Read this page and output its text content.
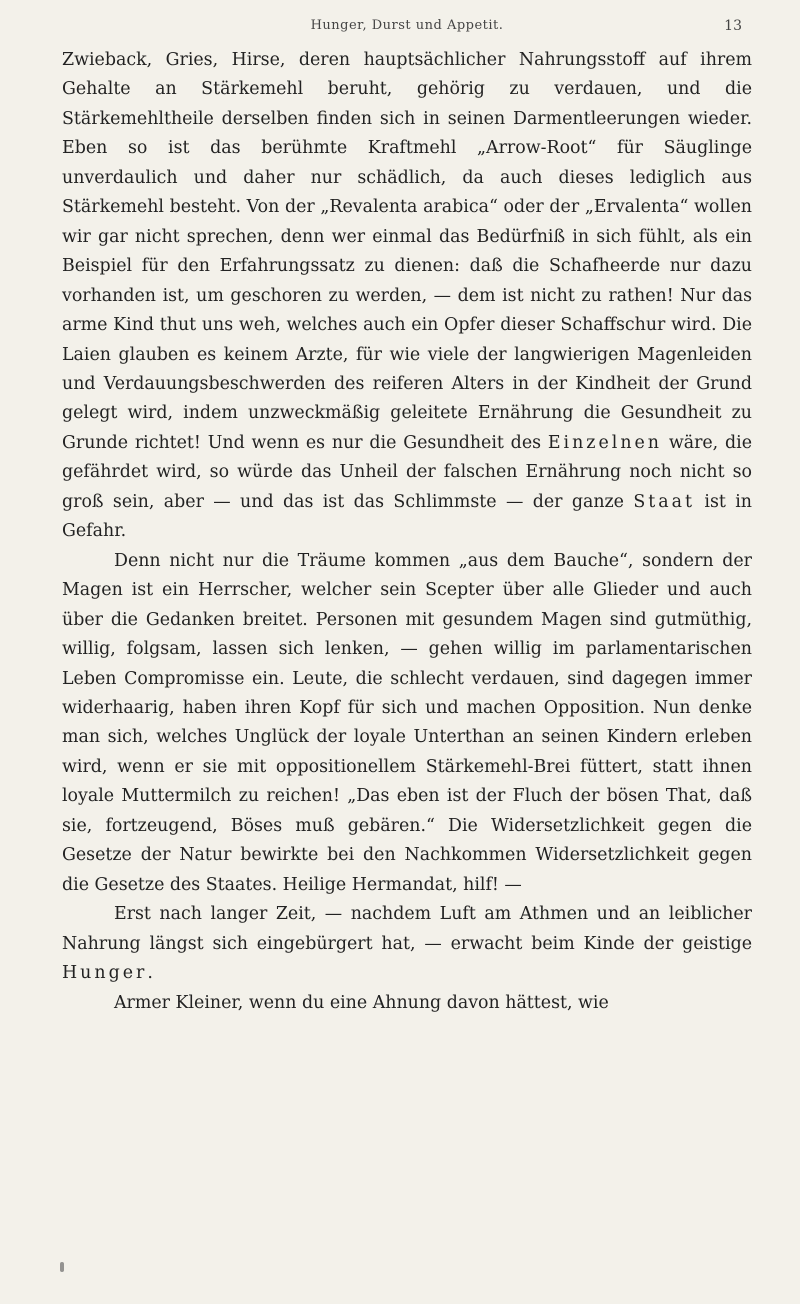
Hunger, Durst und Appetit.	13

Zwieback, Gries, Hirse, deren hauptsächlicher Nahrungsstoff auf ihrem Gehalte an Stärkemehl beruht, gehörig zu verdauen, und die Stärkemehltheile derselben finden sich in seinen Darmentleerungen wieder. Eben so ist das berühmte Kraftmehl „Arrow-Root“ für Säuglinge unverdaulich und daher nur schädlich, da auch dieses lediglich aus Stärkemehl besteht. Von der „Revalenta arabica“ oder der „Ervalenta“ wollen wir gar nicht sprechen, denn wer einmal das Bedürfniß in sich fühlt, als ein Beispiel für den Erfahrungssatz zu dienen: daß die Schafheerde nur dazu vorhanden ist, um geschoren zu werden, — dem ist nicht zu rathen! Nur das arme Kind thut uns weh, welches auch ein Opfer dieser Schaffschur wird. Die Laien glauben es keinem Arzte, für wie viele der langwierigen Magenleiden und Verdauungsbeschwerden des reiferen Alters in der Kindheit der Grund gelegt wird, indem unzweckmäßig geleitete Ernährung die Gesundheit zu Grunde richtet! Und wenn es nur die Gesundheit des Einzelnen wäre, die gefährdet wird, so würde das Unheil der falschen Ernährung noch nicht so groß sein, aber — und das ist das Schlimmste — der ganze Staat ist in Gefahr.

Denn nicht nur die Träume kommen „aus dem Bauche“, sondern der Magen ist ein Herrscher, welcher sein Scepter über alle Glieder und auch über die Gedanken breitet. Personen mit gesundem Magen sind gutmüthig, willig, folgsam, lassen sich lenken, — gehen willig im parlamentarischen Leben Compromisse ein. Leute, die schlecht verdauen, sind dagegen immer widerhaarig, haben ihren Kopf für sich und machen Opposition. Nun denke man sich, welches Unglück der loyale Unterthan an seinen Kindern erleben wird, wenn er sie mit oppositionellem Stärkemehl-Brei füttert, statt ihnen loyale Muttermilch zu reichen! „Das eben ist der Fluch der bösen That, daß sie, fortzeugend, Böses muß gebären.“ Die Widersetzlichkeit gegen die Gesetze der Natur bewirkte bei den Nachkommen Widersetzlichkeit gegen die Gesetze des Staates. Heilige Hermandat, hilf! —

Erst nach langer Zeit, — nachdem Luft am Athmen und an leiblicher Nahrung längst sich eingebürgert hat, — erwacht beim Kinde der geistige Hunger.

Armer Kleiner, wenn du eine Ahnung davon hättest, wie
